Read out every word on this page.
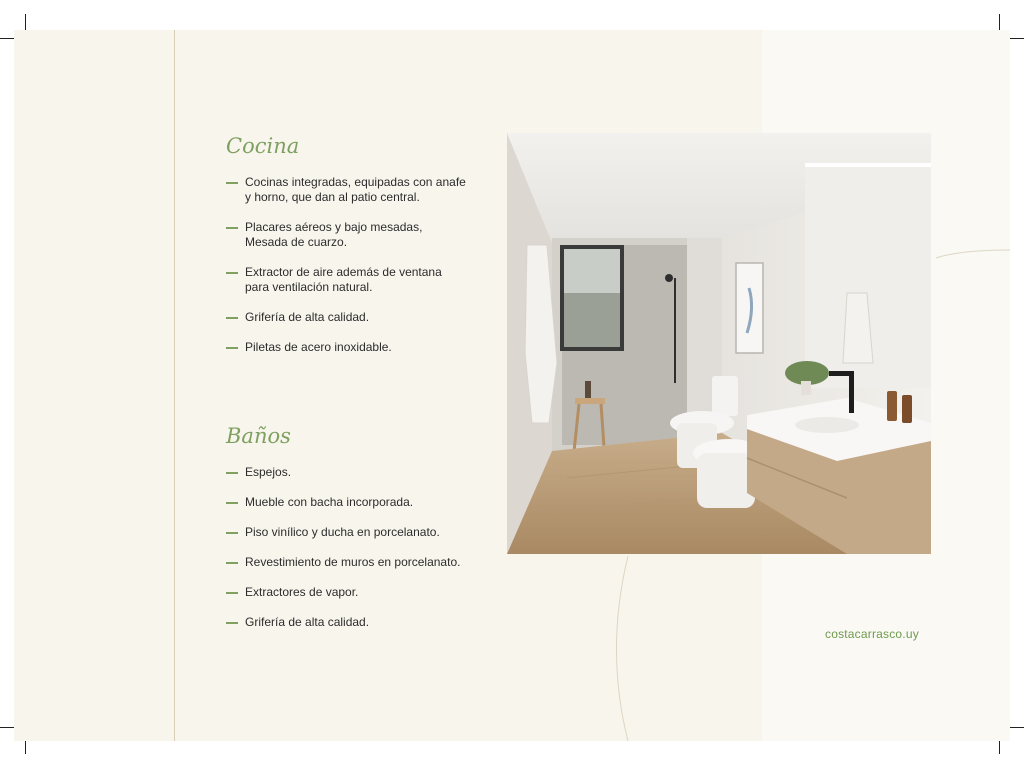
Cocina
Cocinas integradas, equipadas con anafe y horno, que dan al patio central.
Placares aéreos y bajo mesadas, Mesada de cuarzo.
Extractor de aire además de ventana para ventilación natural.
Grifería de alta calidad.
Piletas de acero inoxidable.
Baños
Espejos.
Mueble con bacha incorporada.
Piso vinílico y ducha en porcelanato.
Revestimiento de muros en porcelanato.
Extractores de vapor.
Grifería de alta calidad.
costacarrasco.uy
